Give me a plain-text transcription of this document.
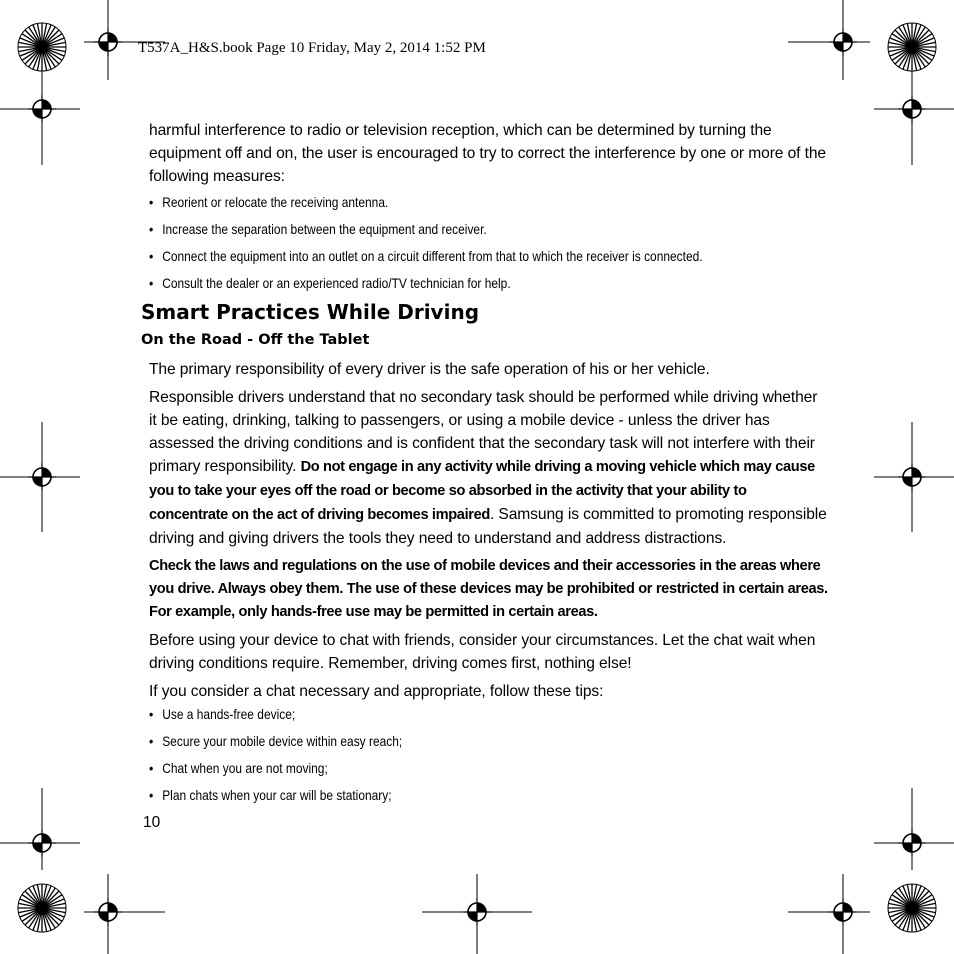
T537A_H&S.book Page 10 Friday, May 2, 2014 1:52 PM

harmful interference to radio or television reception, which can be determined by turning the equipment off and on, the user is encouraged to try to correct the interference by one or more of the following measures:

• Reorient or relocate the receiving antenna.
• Increase the separation between the equipment and receiver.
• Connect the equipment into an outlet on a circuit different from that to which the receiver is connected.
• Consult the dealer or an experienced radio/TV technician for help.
Smart Practices While Driving
On the Road - Off the Tablet

The primary responsibility of every driver is the safe operation of his or her vehicle.

Responsible drivers understand that no secondary task should be performed while driving whether it be eating, drinking, talking to passengers, or using a mobile device - unless the driver has assessed the driving conditions and is confident that the secondary task will not interfere with their primary responsibility. Do not engage in any activity while driving a moving vehicle which may cause you to take your eyes off the road or become so absorbed in the activity that your ability to concentrate on the act of driving becomes impaired. Samsung is committed to promoting responsible driving and giving drivers the tools they need to understand and address distractions.

Check the laws and regulations on the use of mobile devices and their accessories in the areas where you drive. Always obey them. The use of these devices may be prohibited or restricted in certain areas. For example, only hands-free use may be permitted in certain areas.

Before using your device to chat with friends, consider your circumstances. Let the chat wait when driving conditions require. Remember, driving comes first, nothing else!

If you consider a chat necessary and appropriate, follow these tips:

• Use a hands-free device;
• Secure your mobile device within easy reach;
• Chat when you are not moving;
• Plan chats when your car will be stationary;
10
